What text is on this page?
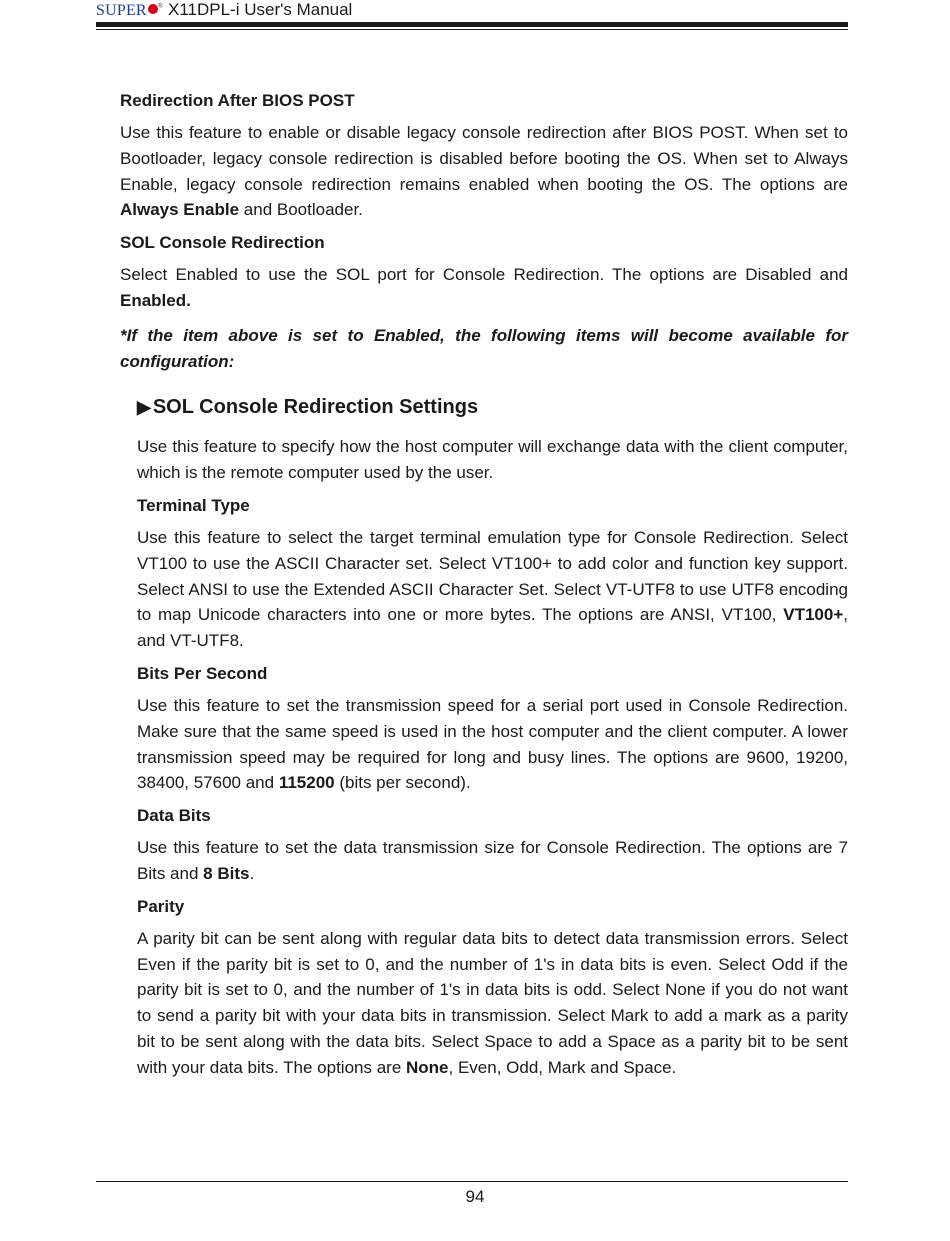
SUPER ® X11DPL-i User's Manual
Redirection After BIOS POST

Use this feature to enable or disable legacy console redirection after BIOS POST. When set to Bootloader, legacy console redirection is disabled before booting the OS. When set to Always Enable, legacy console redirection remains enabled when booting the OS. The options are Always Enable and Bootloader.

SOL Console Redirection

Select Enabled to use the SOL port for Console Redirection. The options are Disabled and Enabled.

*If the item above is set to Enabled, the following items will become available for configuration:

▶ SOL Console Redirection Settings

Use this feature to specify how the host computer will exchange data with the client computer, which is the remote computer used by the user.

Terminal Type

Use this feature to select the target terminal emulation type for Console Redirection. Select VT100 to use the ASCII Character set. Select VT100+ to add color and function key support. Select ANSI to use the Extended ASCII Character Set. Select VT-UTF8 to use UTF8 encoding to map Unicode characters into one or more bytes. The options are ANSI, VT100, VT100+, and VT-UTF8.

Bits Per Second

Use this feature to set the transmission speed for a serial port used in Console Redirection. Make sure that the same speed is used in the host computer and the client computer. A lower transmission speed may be required for long and busy lines. The options are 9600, 19200, 38400, 57600 and 115200 (bits per second).

Data Bits

Use this feature to set the data transmission size for Console Redirection. The options are 7 Bits and 8 Bits.

Parity

A parity bit can be sent along with regular data bits to detect data transmission errors. Select Even if the parity bit is set to 0, and the number of 1's in data bits is even. Select Odd if the parity bit is set to 0, and the number of 1's in data bits is odd. Select None if you do not want to send a parity bit with your data bits in transmission. Select Mark to add a mark as a parity bit to be sent along with the data bits. Select Space to add a Space as a parity bit to be sent with your data bits. The options are None, Even, Odd, Mark and Space.

94
